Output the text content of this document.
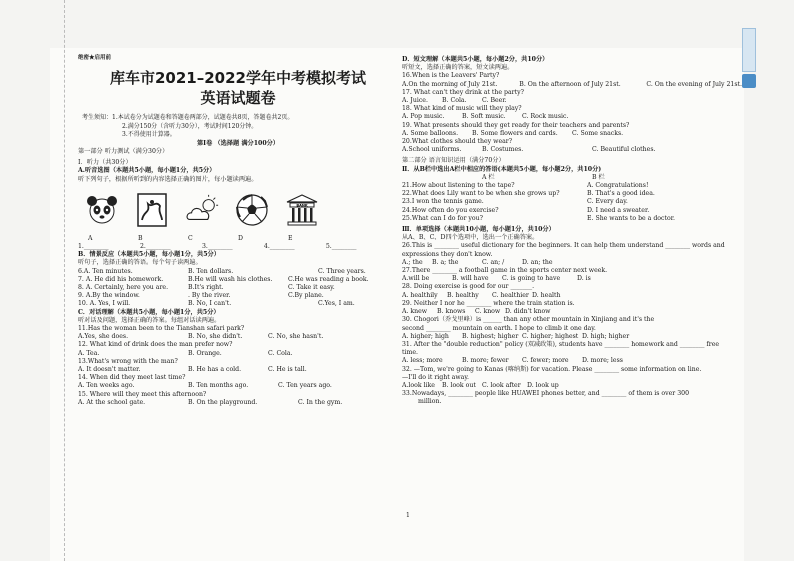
绝密★启用前
库车市2021–2022学年中考模拟考试
英语试题卷
考生须知：1.本试卷分为试题卷和答题卷两部分，试题卷共8页，答题卷共2页。
2.满分150分（含听力30分），考试时间120分钟。
3.不得使用计算器。
第Ⅰ卷 （选择题 满分100分）
第一部分 听力测试（满分30分）
Ⅰ．听力（共30分）
A.听音选图（本题共5小题，每小题1分，共5分）
听下列句子，根据所听到的内容选择正确的图片，每小题读两遍。
BANK
A	B	C	D	E
1.________	2.________	3.________	4.________	5.________
B．情景反应（本题共5小题，每小题1分，共5分）
听句子，选择正确的答语。每个句子读两遍。
6.A. Ten minutes.	B. Ten dollars.	C. Three years.
7. A. He did his homework.	B.He will wash his clothes.	C.He was reading a book.
8. A. Certainly, here you are.	B.It's right.	C. Take it easy.
9. A.By the window.	. By the river.	C.By plane.
10. A. Yes, I will.	B. No, I can't.	C.Yes, I am.
C．对话理解（本题共5小题，每小题1分，共5分）
听对话及问题，选择正确的答案。每组对话读两遍。
11.Has the woman been to the Tianshan safari park?
A.Yes, she does.	B. No, she didn't.	C. No, she hasn't.
12. What kind of drink does the man prefer now?
A. Tea.	B. Orange.	C. Cola.
13.What's wrong with the man?
A. It doesn't matter.	B. He has a cold.	C. He is tall.
14. When did they meet last time?
A. Ten weeks ago.	B. Ten months ago.	C. Ten years ago.
15. Where will they meet this afternoon?
A. At the school gate.	B. On the playground.	C. In the gym.
D．短文理解（本题共5小题，每小题2分，共10分）
听短文，选择正确的答案，短文读两遍。
16.When is the Leavers' Party?
A.On the morning of July 21st.	B. On the afternoon of July 21st.	C. On the evening of July 21st.
17. What can't they drink at the party?
A. Juice.	B. Cola.	C. Beer.
18. What kind of music will they play?
A. Pop music.	B. Soft music.	C. Rock music.
19. What presents should they get ready for their teachers and parents?
A. Some balloons.	B. Some flowers and cards.	C. Some snacks.
20.What clothes should they wear?
A.School uniforms.	B. Costumes.	C. Beautiful clothes.
第二部分 语言知识运用（满分70分）
Ⅱ．从B栏中选出A栏中相应的答语(本题共5小题，每小题2分，共10分)
A 栏	B 栏
21.How about listening to the tape?	A. Congratulations!
22.What does Lily want to be when she grows up?	B. That's a good idea.
23.I won the tennis game.	C. Every day.
24.How often do you exercise?	D. I need a sweater.
25.What can I do for you?	E. She wants to be a doctor.
Ⅲ．单项选择（本题共10小题，每小题1分，共10分）
从A、B、C、D四个选项中，选出一个正确答案。
26.This is ________ useful dictionary for the beginners. It can help them understand ________ words and
expressions they don't know.
A.; the	B. a; the	C. an; /	D. an; the
27.There ________ a football game in the sports center next week.
A.will be	B. will have	C. is going to have	D. is
28. Doing exercise is good for our _______.
A. healthily	B. healthy	C. healthier D. health
29. Neither I nor he ________ where the train station is.
A. knew	B. knows	C. know D. didn't know
30. Chogori（乔戈里峰）is ______ than any other mountain in Xinjiang and it's the
second ________ mountain on earth. I hope to climb it one day.
A. higher; high	B. highest; higher C. higher; highest D. high; higher
31. After the "double reduction" policy (双减政策), students have ________ homework and ________ free
time.
A. less; more	B. more; fewer	C. fewer; more	D. more; less
32. —Tom, we're going to Kanas (喀纳斯) for vacation. Please ________ some information on line.
—I'll do it right away.
A.look like	B. look out C. look after	D. look up
33.Nowadays, ________ people like HUAWEI phones better, and ________ of them is over 300
million.
1
